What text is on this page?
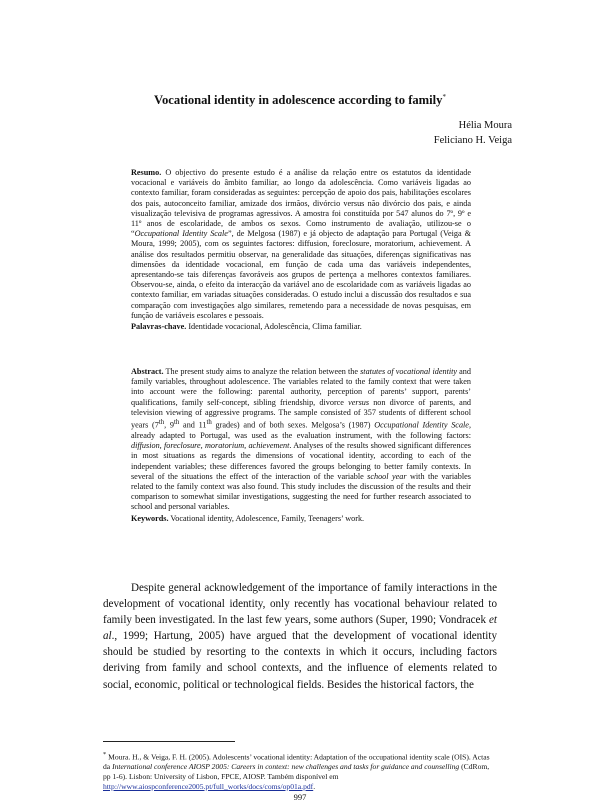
Vocational identity in adolescence according to family*
Hélia Moura
Feliciano H. Veiga
Resumo. O objectivo do presente estudo é a análise da relação entre os estatutos da identidade vocacional e variáveis do âmbito familiar, ao longo da adolescência. Como variáveis ligadas ao contexto familiar, foram consideradas as seguintes: percepção de apoio dos pais, habilitações escolares dos pais, autoconceito familiar, amizade dos irmãos, divórcio versus não divórcio dos pais, e ainda visualização televisiva de programas agressivos. A amostra foi constituída por 547 alunos do 7º, 9º e 11º anos de escolaridade, de ambos os sexos. Como instrumento de avaliação, utilizou-se o “Occupational Identity Scale”, de Melgosa (1987) e já objecto de adaptação para Portugal (Veiga & Moura, 1999; 2005), com os seguintes factores: diffusion, foreclosure, moratorium, achievement. A análise dos resultados permitiu observar, na generalidade das situações, diferenças significativas nas dimensões da identidade vocacional, em função de cada uma das variáveis independentes, apresentando-se tais diferenças favoráveis aos grupos de pertença a melhores contextos familiares. Observou-se, ainda, o efeito da interacção da variável ano de escolaridade com as variáveis ligadas ao contexto familiar, em variadas situações consideradas. O estudo inclui a discussão dos resultados e sua comparação com investigações algo similares, remetendo para a necessidade de novas pesquisas, em função de variáveis escolares e pessoais.
Palavras-chave. Identidade vocacional, Adolescência, Clima familiar.
Abstract. The present study aims to analyze the relation between the statutes of vocational identity and family variables, throughout adolescence. The variables related to the family context that were taken into account were the following: parental authority, perception of parents’ support, parents’ qualifications, family self-concept, sibling friendship, divorce versus non divorce of parents, and television viewing of aggressive programs. The sample consisted of 357 students of different school years (7th, 9th and 11th grades) and of both sexes. Melgosa’s (1987) Occupational Identity Scale, already adapted to Portugal, was used as the evaluation instrument, with the following factors: diffusion, foreclosure, moratorium, achievement. Analyses of the results showed significant differences in most situations as regards the dimensions of vocational identity, according to each of the independent variables; these differences favored the groups belonging to better family contexts. In several of the situations the effect of the interaction of the variable school year with the variables related to the family context was also found. This study includes the discussion of the results and their comparison to somewhat similar investigations, suggesting the need for further research associated to school and personal variables.
Keywords. Vocational identity, Adolescence, Family, Teenagers’ work.

Despite general acknowledgement of the importance of family interactions in the development of vocational identity, only recently has vocational behaviour related to family been investigated. In the last few years, some authors (Super, 1990; Vondracek et al., 1999; Hartung, 2005) have argued that the development of vocational identity should be studied by resorting to the contexts in which it occurs, including factors deriving from family and school contexts, and the influence of elements related to social, economic, political or technological fields. Besides the historical factors, the

* Moura. H., & Veiga, F. H. (2005). Adolescents’ vocational identity: Adaptation of the occupational identity scale (OIS). Actas da International conference AIOSP 2005: Careers in context: new challenges and tasks for guidance and counselling (CdRom, pp 1-6). Lisbon: University of Lisbon, FPCE, AIOSP. Também disponível em http://www.aiospconference2005.pt/full_works/docs/coms/op01a.pdf.
997
